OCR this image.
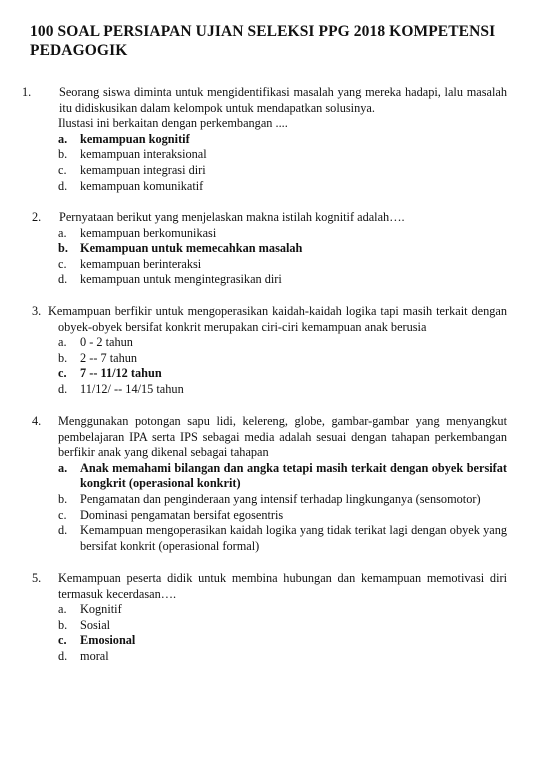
100 SOAL PERSIAPAN UJIAN SELEKSI PPG 2018 KOMPETENSI PEDAGOGIK
1. Seorang siswa diminta untuk mengidentifikasi masalah yang mereka hadapi, lalu masalah itu didiskusikan dalam kelompok untuk mendapatkan solusinya.
Ilustasi ini berkaitan dengan perkembangan ....
a. kemampuan kognitif
b. kemampuan interaksional
c. kemampuan integrasi diri
d. kemampuan komunikatif
2. Pernyataan berikut yang menjelaskan makna istilah kognitif adalah….
a. kemampuan berkomunikasi
b. Kemampuan untuk memecahkan masalah
c. kemampuan berinteraksi
d. kemampuan untuk mengintegrasikan diri
3. Kemampuan berfikir untuk mengoperasikan kaidah-kaidah logika tapi masih terkait dengan obyek-obyek bersifat konkrit merupakan ciri-ciri kemampuan anak berusia
a. 0 - 2 tahun
b. 2 -- 7 tahun
c. 7 -- 11/12 tahun
d. 11/12/ -- 14/15 tahun
4. Menggunakan potongan sapu lidi, kelereng, globe, gambar-gambar yang menyangkut pembelajaran IPA serta IPS sebagai media adalah sesuai dengan tahapan perkembangan berfikir anak yang dikenal sebagai tahapan
a. Anak memahami bilangan dan angka tetapi masih terkait dengan obyek bersifat kongkrit (operasional konkrit)
b. Pengamatan dan penginderaan yang intensif terhadap lingkunganya (sensomotor)
c. Dominasi pengamatan bersifat egosentris
d. Kemampuan mengoperasikan kaidah logika yang tidak terikat lagi dengan obyek yang bersifat konkrit (operasional formal)
5. Kemampuan peserta didik untuk membina hubungan dan kemampuan memotivasi diri termasuk kecerdasan….
a. Kognitif
b. Sosial
c. Emosional
d. moral
